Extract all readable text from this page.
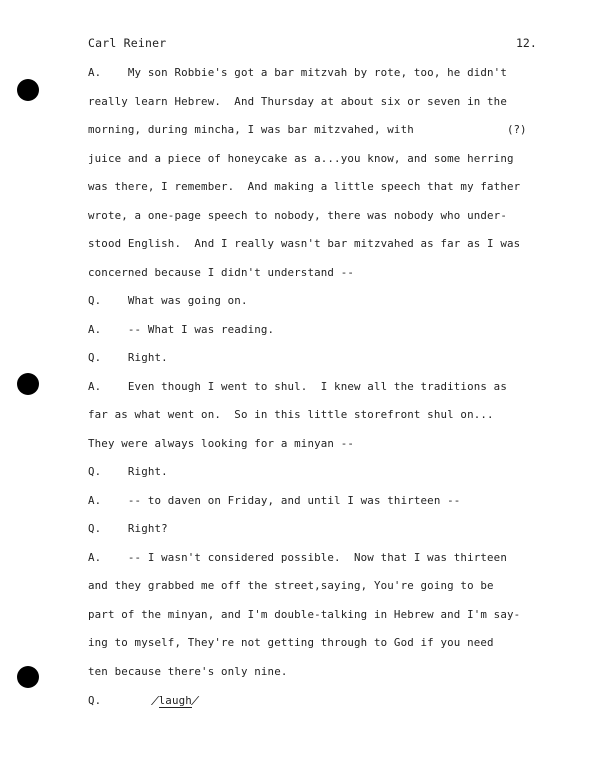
Carl Reiner	12.
A.    My son Robbie's got a bar mitzvah by rote, too, he didn't
really learn Hebrew.  And Thursday at about six or seven in the
morning, during mincha, I was bar mitzvahed, with	(?)
juice and a piece of honeycake as a...you know, and some herring
was there, I remember.  And making a little speech that my father
wrote, a one-page speech to nobody, there was nobody who under-
stood English.  And I really wasn't bar mitzvahed as far as I was
concerned because I didn't understand --
Q.    What was going on.
A.    -- What I was reading.
Q.    Right.
A.    Even though I went to shul.  I knew all the traditions as
far as what went on.  So in this little storefront shul on...
They were always looking for a minyan --
Q.    Right.
A.    -- to daven on Friday, and until I was thirteen --
Q.    Right?
A.    -- I wasn't considered possible.  Now that I was thirteen
and they grabbed me off the street,saying, You're going to be
part of the minyan, and I'm double-talking in Hebrew and I'm say-
ing to myself, They're not getting through to God if you need
ten because there's only nine.
Q.	/laugh/
